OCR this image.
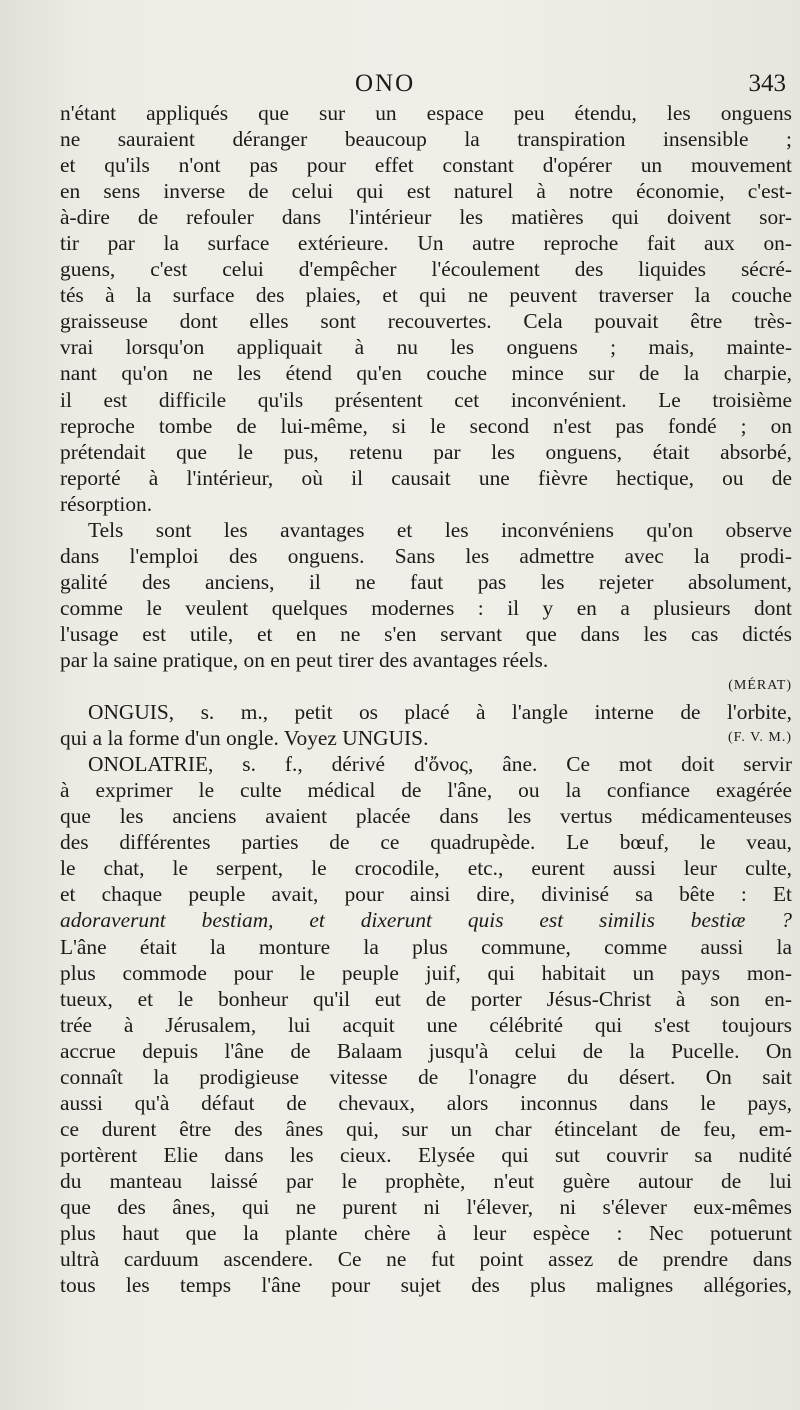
ONO	343
n'étant appliqués que sur un espace peu étendu, les onguens
ne sauraient déranger beaucoup la transpiration insensible ;
et qu'ils n'ont pas pour effet constant d'opérer un mouvement
en sens inverse de celui qui est naturel à notre économie, c'est-
à-dire de refouler dans l'intérieur les matières qui doivent sor-
tir par la surface extérieure. Un autre reproche fait aux on-
guens, c'est celui d'empêcher l'écoulement des liquides sécré-
tés à la surface des plaies, et qui ne peuvent traverser la couche
graisseuse dont elles sont recouvertes. Cela pouvait être très-
vrai lorsqu'on appliquait à nu les onguens ; mais, mainte-
nant qu'on ne les étend qu'en couche mince sur de la charpie,
il est difficile qu'ils présentent cet inconvénient. Le troisième
reproche tombe de lui-même, si le second n'est pas fondé ; on
prétendait que le pus, retenu par les onguens, était absorbé,
reporté à l'intérieur, où il causait une fièvre hectique, ou de
résorption.
Tels sont les avantages et les inconvéniens qu'on observe
dans l'emploi des onguens. Sans les admettre avec la prodi-
galité des anciens, il ne faut pas les rejeter absolument,
comme le veulent quelques modernes : il y en a plusieurs dont
l'usage est utile, et en ne s'en servant que dans les cas dictés
par la saine pratique, on en peut tirer des avantages réels.
(MÉRAT)
ONGUIS, s. m., petit os placé à l'angle interne de l'orbite,
qui a la forme d'un ongle. Voyez UNGUIS.	(F. V. M.)
ONOLATRIE, s. f., dérivé d'ὄνος, âne. Ce mot doit servir
à exprimer le culte médical de l'âne, ou la confiance exagérée
que les anciens avaient placée dans les vertus médicamenteuses
des différentes parties de ce quadrupède. Le bœuf, le veau,
le chat, le serpent, le crocodile, etc., eurent aussi leur culte,
et chaque peuple avait, pour ainsi dire, divinisé sa bête : Et
adoraverunt bestiam, et dixerunt quis est similis bestiæ ?
L'âne était la monture la plus commune, comme aussi la
plus commode pour le peuple juif, qui habitait un pays mon-
tueux, et le bonheur qu'il eut de porter Jésus-Christ à son en-
trée à Jérusalem, lui acquit une célébrité qui s'est toujours
accrue depuis l'âne de Balaam jusqu'à celui de la Pucelle. On
connaît la prodigieuse vitesse de l'onagre du désert. On sait
aussi qu'à défaut de chevaux, alors inconnus dans le pays,
ce durent être des ânes qui, sur un char étincelant de feu, em-
portèrent Elie dans les cieux. Elysée qui sut couvrir sa nudité
du manteau laissé par le prophète, n'eut guère autour de lui
que des ânes, qui ne purent ni l'élever, ni s'élever eux-mêmes
plus haut que la plante chère à leur espèce : Nec potuerunt
ultrà carduum ascendere. Ce ne fut point assez de prendre dans
tous les temps l'âne pour sujet des plus malignes allégories,
